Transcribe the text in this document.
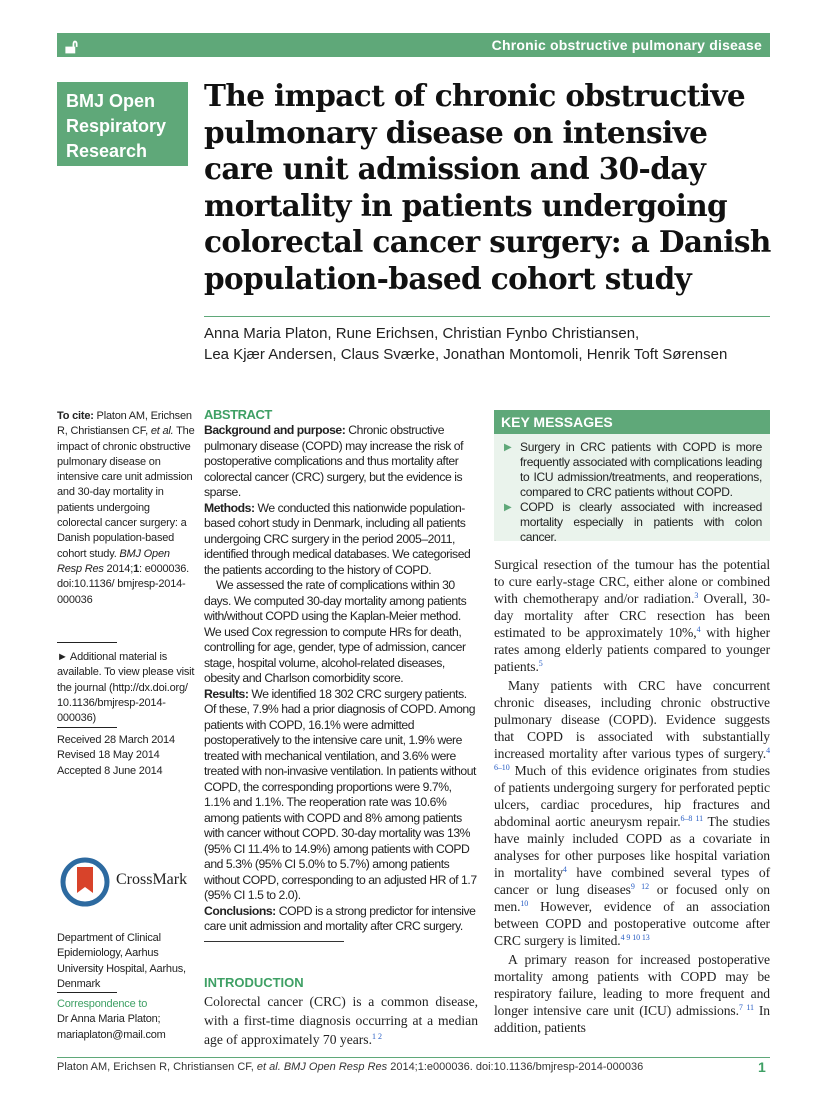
🔓︎	Chronic obstructive pulmonary disease
BMJ Open
Respiratory
Research
The impact of chronic obstructive pulmonary disease on intensive care unit admission and 30-day mortality in patients undergoing colorectal cancer surgery: a Danish population-based cohort study
Anna Maria Platon, Rune Erichsen, Christian Fynbo Christiansen,
Lea Kjær Andersen, Claus Sværke, Jonathan Montomoli, Henrik Toft Sørensen
To cite: Platon AM, Erichsen R, Christiansen CF, et al. The impact of chronic obstructive pulmonary disease on intensive care unit admission and 30-day mortality in patients undergoing colorectal cancer surgery: a Danish population-based cohort study. BMJ Open Resp Res 2014;1: e000036. doi:10.1136/ bmjresp-2014-000036
► Additional material is available. To view please visit the journal (http://dx.doi.org/ 10.1136/bmjresp-2014-000036)
Received 28 March 2014
Revised 18 May 2014
Accepted 8 June 2014
CrossMark
Department of Clinical Epidemiology, Aarhus University Hospital, Aarhus, Denmark
Correspondence to
Dr Anna Maria Platon;
mariaplaton@mail.com
ABSTRACT

Background and purpose: Chronic obstructive pulmonary disease (COPD) may increase the risk of postoperative complications and thus mortality after colorectal cancer (CRC) surgery, but the evidence is sparse.

Methods: We conducted this nationwide population-based cohort study in Denmark, including all patients undergoing CRC surgery in the period 2005–2011, identified through medical databases. We categorised the patients according to the history of COPD.

We assessed the rate of complications within 30 days. We computed 30-day mortality among patients with/without COPD using the Kaplan-Meier method. We used Cox regression to compute HRs for death, controlling for age, gender, type of admission, cancer stage, hospital volume, alcohol-related diseases, obesity and Charlson comorbidity score.

Results: We identified 18 302 CRC surgery patients. Of these, 7.9% had a prior diagnosis of COPD. Among patients with COPD, 16.1% were admitted postoperatively to the intensive care unit, 1.9% were treated with mechanical ventilation, and 3.6% were treated with non-invasive ventilation. In patients without COPD, the corresponding proportions were 9.7%, 1.1% and 1.1%. The reoperation rate was 10.6% among patients with COPD and 8% among patients with cancer without COPD. 30-day mortality was 13% (95% CI 11.4% to 14.9%) among patients with COPD and 5.3% (95% CI 5.0% to 5.7%) among patients without COPD, corresponding to an adjusted HR of 1.7 (95% CI 1.5 to 2.0).

Conclusions: COPD is a strong predictor for intensive care unit admission and mortality after CRC surgery.

INTRODUCTION

Colorectal cancer (CRC) is a common disease, with a first-time diagnosis occurring at a median age of approximately 70 years.$^{1 2}$

KEY MESSAGES
▶ Surgery in CRC patients with COPD is more frequently associated with complications leading to ICU admission/treatments, and reoperations, compared to CRC patients without COPD.
▶ COPD is clearly associated with increased mortality especially in patients with colon cancer.

Surgical resection of the tumour has the potential to cure early-stage CRC, either alone or combined with chemotherapy and/or radiation.$^3$ Overall, 30-day mortality after CRC resection has been estimated to be approximately 10%,$^4$ with higher rates among elderly patients compared to younger patients.$^5$

Many patients with CRC have concurrent chronic diseases, including chronic obstructive pulmonary disease (COPD). Evidence suggests that COPD is associated with substantially increased mortality after various types of surgery.$^{4 6-10}$ Much of this evidence originates from studies of patients undergoing surgery for perforated peptic ulcers, cardiac procedures, hip fractures and abdominal aortic aneurysm repair.$^{6-8 11}$ The studies have mainly included COPD as a covariate in analyses for other purposes like hospital variation in mortality$^4$ have combined several types of cancer or lung diseases$^{9 12}$ or focused only on men.$^{10}$ However, evidence of an association between COPD and postoperative outcome after CRC surgery is limited.$^{4 9 10 13}$

A primary reason for increased postoperative mortality among patients with COPD may be respiratory failure, leading to more frequent and longer intensive care unit (ICU) admissions.$^{7 11}$ In addition, patients

Platon AM, Erichsen R, Christiansen CF, et al. BMJ Open Resp Res 2014;1:e000036. doi:10.1136/bmjresp-2014-000036	1
